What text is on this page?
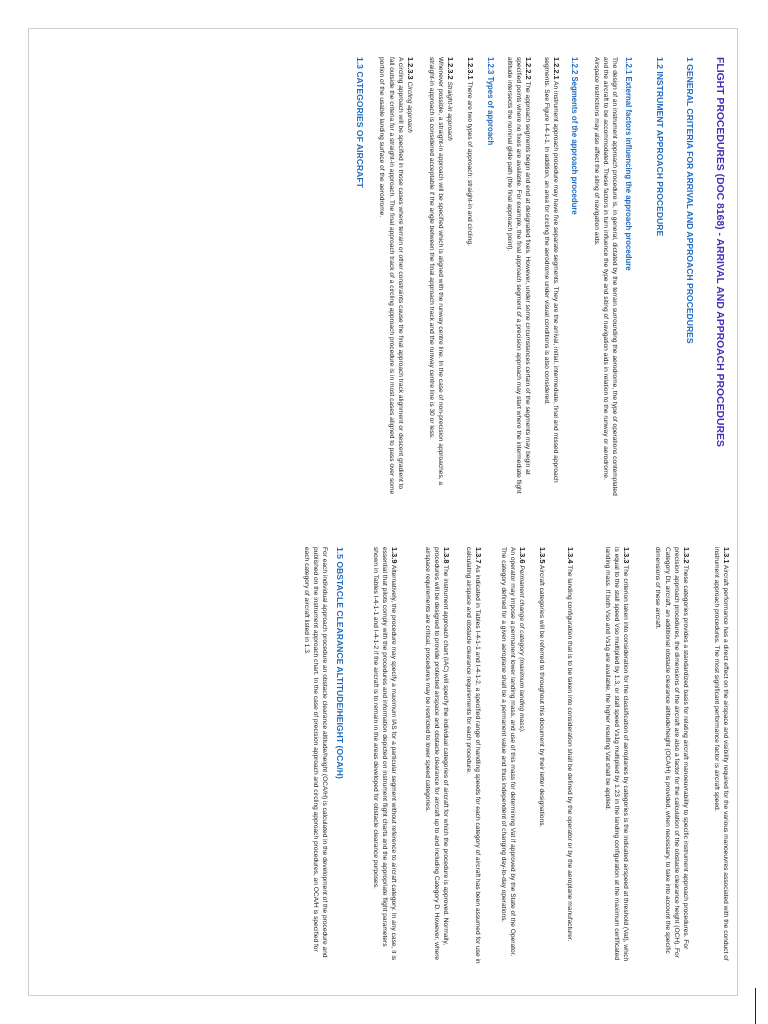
FLIGHT PROCEDURES (DOC 8168) - ARRIVAL AND APPROACH PROCEDURES
1 GENERAL CRITERIA FOR ARRIVAL AND APPROACH PROCEDURES
1.2 INSTRUMENT APPROACH PROCEDURE
1.2.1 External factors influencing the approach procedure
The design of an instrument approach procedure is, in general, dictated by the terrain surrounding the aerodrome, the type of operations contemplated and the aircraft to be accommodated. These factors in turn influence the type and siting of navigation aids in relation to the runway or aerodrome. Airspace restrictions may also affect the siting of navigation aids.
1.2.2 Segments of the approach procedure
1.2.2.1 An instrument approach procedure may have five separate segments. They are the arrival, initial, intermediate, final and missed approach segments. See Figure I-4-1-1. In addition, an area for circling the aerodrome under visual conditions is also considered.
1.2.2.2 The approach segments begin and end at designated fixes. However, under some circumstances certain of the segments may begin at specified points where no fixes are available. For example, the final approach segment of a precision approach may start where the intermediate flight altitude intersects the nominal glide path (the final approach point).
1.2.3 Types of approach
1.2.3.1 There are two types of approach: straight-in and circling.
1.2.3.2 Straight-in approach
Whenever possible, a straight-in approach will be specified which is aligned with the runway centre line. In the case of non-precision approaches, a straight-in approach is considered acceptable if the angle between the final approach track and the runway centre line is 30 or less.
1.2.3.3 Circling approach
A circling approach will be specified in those cases where terrain or other constraints cause the final approach track alignment or descent gradient to fall outside the criteria for a straight-in approach. The final approach track of a circling approach procedure is in most cases aligned to pass over some portion of the usable landing surface of the aerodrome.
1.3 CATEGORIES OF AIRCRAFT
1.3.1 Aircraft performance has a direct effect on the airspace and visibility required for the various manoeuvres associated with the conduct of instrument approach procedures. The most significant performance factor is aircraft speed.
1.3.2 These categories provides a standardized basis for relating aircraft manoeuvrability to specific instrument approach procedures. For precision approach procedures, the dimensions of the aircraft are also a factor for the calculation of the obstacle clearance height (OCH). For Category DL aircraft, an additional obstacle clearance altitude/height (OCA/H) is provided, when necessary, to take into account the specific dimensions of these aircraft.
1.3.3 The criterion taken into consideration for the classification of aeroplanes by categories is the indicated airspeed at threshold (Vat), which is equal to the stall speed Vso multiplied by 1.3, or stall speed Vs1g multiplied by 1.23 in the landing configuration at the maximum certificated landing mass. If both Vso and Vs1g are available, the higher resulting Vat shall be applied.
1.3.4 The landing configuration that is to be taken into consideration shall be defined by the operator or by the aeroplane manufacturer.
1.3.5 Aircraft categories will be referred to throughout this document by their letter designations.
1.3.6 Permanent change of category (maximum landing mass).
An operator may impose a permanent lower landing mass, and use of this mass for determining Vat if approved by the State of the Operator. The category defined for a given aeroplane shall be a permanent value and thus independent of changing day-to-day operations.
1.3.7 As indicated in Tables I-4-1-1 and I-4-1-2, a specified range of handling speeds for each category of aircraft has been assumed for use in calculating airspace and obstacle clearance requirements for each procedure.
1.3.8 The instrument approach chart (IAC) will specify the individual categories of aircraft for which the procedure is approved. Normally, procedures will be designed to provide protected airspace and obstacle clearance for aircraft up to and including Category D. However, where airspace requirements are critical, procedures may be restricted to lower speed categories.
1.3.9 Alternatively, the procedure may specify a maximum IAS for a particular segment without reference to aircraft category. In any case, it is essential that pilots comply with the procedures and information depicted on instrument flight charts and the appropriate flight parameters shown in Tables I-4-1-1 and I-4-1-2 if the aircraft is to remain in the areas developed for obstacle clearance purposes.
1.5 OBSTACLE CLEARANCE ALTITUDE/HEIGHT (OCA/H)
For each individual approach procedure an obstacle clearance altitude/height (OCA/H) is calculated in the development of the procedure and published on the instrument approach chart. In the case of precision approach and circling approach procedures, an OCA/H is specified for each category of aircraft listed in 1.3.
